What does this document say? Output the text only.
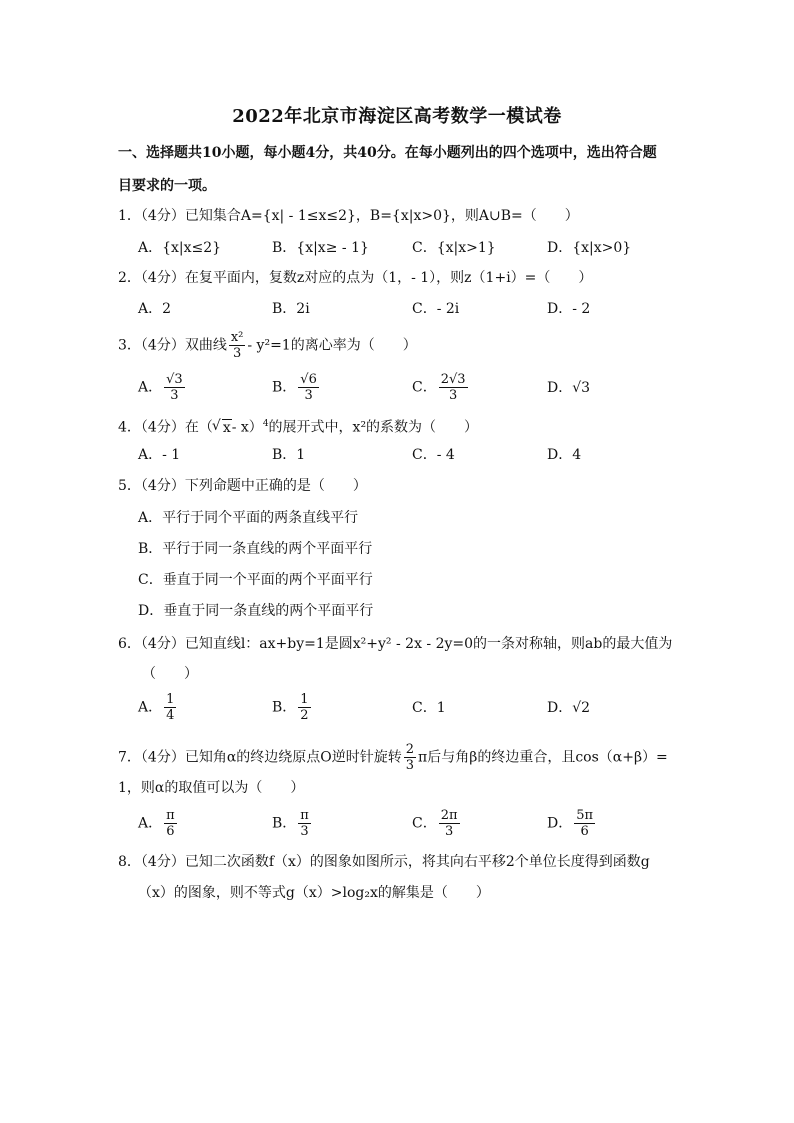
2022年北京市海淀区高考数学一模试卷
一、选择题共10小题，每小题4分，共40分。在每小题列出的四个选项中，选出符合题
目要求的一项。
1．（4分）已知集合A={x| - 1≤x≤2}，B={x|x>0}，则A∪B=（　　）
A．{x|x≤2}	B．{x|x≥ - 1}	C．{x|x>1}	D．{x|x>0}
2．（4分）在复平面内，复数z对应的点为（1，- 1），则z（1+i）=（　　）
A．2	B．2i	C．- 2i	D．- 2
3．（4分）双曲线 $\frac{\text{x²}}{3} - y^2=1$的离心率为（　　）
A． $\frac{√3}{3}$	B． $\frac{√6}{3}$	C． $\frac{2√3}{3}$	D．√3
4．（4分）在（ √ x- x）$^4$的展开式中，x²的系数为（　　）
A．- 1	B．1	C．- 4	D．4
5．（4分）下列命题中正确的是（　　）
A．平行于同个平面的两条直线平行
B．平行于同一条直线的两个平面平行
C．垂直于同一个平面的两个平面平行
D．垂直于同一条直线的两个平面平行
6．（4分）已知直线l：ax+by=1是圆x²+y² - 2x - 2y=0的一条对称轴，则ab的最大值为
（　　）
A． $\frac{1}{4}$	B． $\frac{1}{2}$	C．1	D．√2
7．（4分）已知角α的终边绕原点O逆时针旋转 $\frac{2}{3}$ π后与角β的终边重合，且cos（α+β）=
1，则α的取值可以为（　　）
A． $\frac{\pi}{6}$	B． $\frac{\pi}{3}$	C． $\frac{2\pi}{3}$	D． $\frac{5\pi}{6}$
8．（4分）已知二次函数f（x）的图象如图所示，将其向右平移2个单位长度得到函数g
（x）的图象，则不等式g（x）>log₂x的解集是（　　）
